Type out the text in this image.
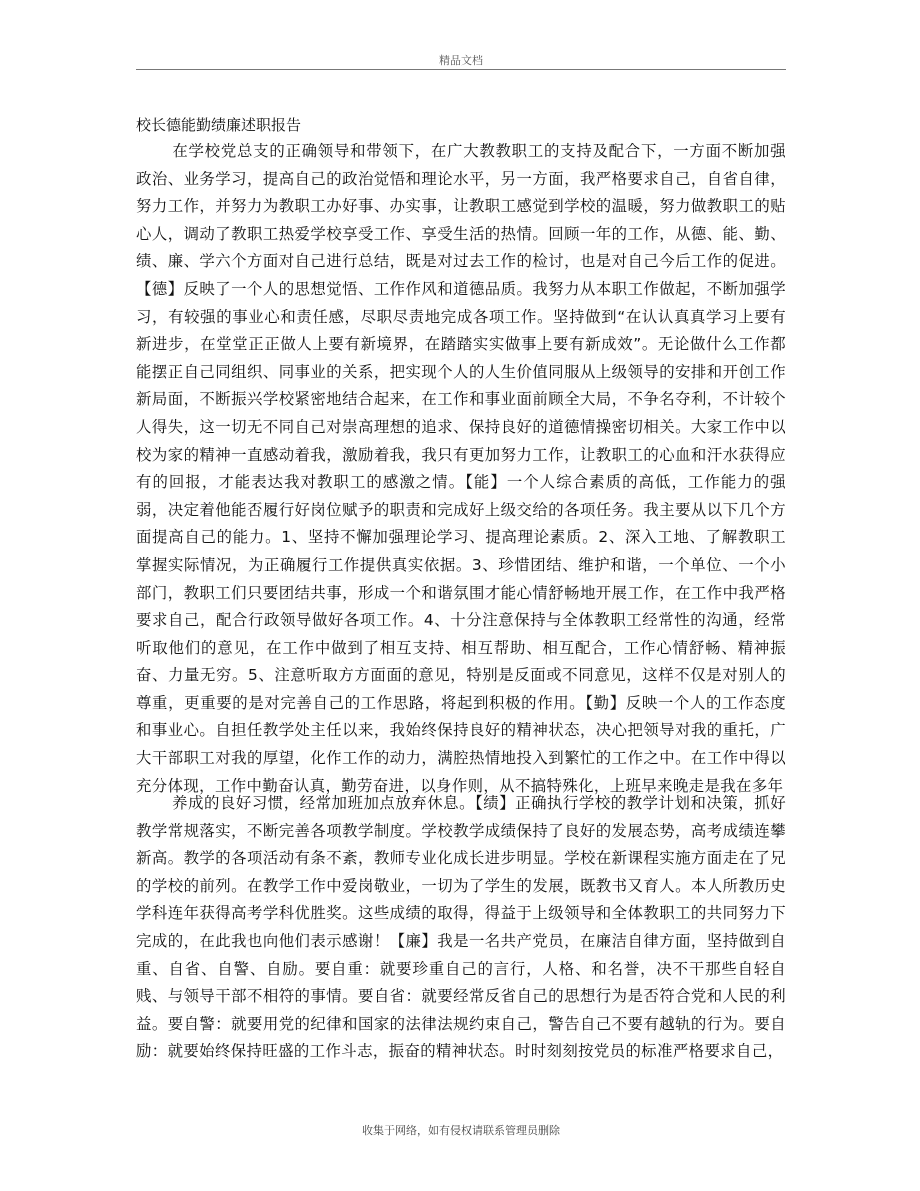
精品文档
校长德能勤绩廉述职报告

在学校党总支的正确领导和带领下，在广大教教职工的支持及配合下，一方面不断加强政治、业务学习，提高自己的政治觉悟和理论水平，另一方面，我严格要求自己，自省自律，努力工作，并努力为教职工办好事、办实事，让教职工感觉到学校的温暖，努力做教职工的贴心人，调动了教职工热爱学校享受工作、享受生活的热情。回顾一年的工作，从德、能、勤、绩、廉、学六个方面对自己进行总结，既是对过去工作的检讨，也是对自己今后工作的促进。【德】反映了一个人的思想觉悟、工作作风和道德品质。我努力从本职工作做起，不断加强学习，有较强的事业心和责任感，尽职尽责地完成各项工作。坚持做到“在认认真真学习上要有新进步，在堂堂正正做人上要有新境界，在踏踏实实做事上要有新成效”。无论做什么工作都能摆正自己同组织、同事业的关系，把实现个人的人生价值同服从上级领导的安排和开创工作新局面，不断振兴学校紧密地结合起来，在工作和事业面前顾全大局，不争名夺利，不计较个人得失，这一切无不同自己对崇高理想的追求、保持良好的道德情操密切相关。大家工作中以校为家的精神一直感动着我，激励着我，我只有更加努力工作，让教职工的心血和汗水获得应有的回报，才能表达我对教职工的感激之情。【能】一个人综合素质的高低，工作能力的强弱，决定着他能否履行好岗位赋予的职责和完成好上级交给的各项任务。我主要从以下几个方面提高自己的能力。1、坚持不懈加强理论学习、提高理论素质。2、深入工地、了解教职工掌握实际情况，为正确履行工作提供真实依据。3、珍惜团结、维护和谐，一个单位、一个小部门，教职工们只要团结共事，形成一个和谐氛围才能心情舒畅地开展工作，在工作中我严格要求自己，配合行政领导做好各项工作。4、十分注意保持与全体教职工经常性的沟通，经常听取他们的意见，在工作中做到了相互支持、相互帮助、相互配合，工作心情舒畅、精神振奋、力量无穷。5、注意听取方方面面的意见，特别是反面或不同意见，这样不仅是对别人的尊重，更重要的是对完善自己的工作思路，将起到积极的作用。【勤】反映一个人的工作态度和事业心。自担任教学处主任以来，我始终保持良好的精神状态，决心把领导对我的重托，广大干部职工对我的厚望，化作工作的动力，满腔热情地投入到繁忙的工作之中。在工作中得以充分体现，工作中勤奋认真，勤劳奋进，以身作则，从不搞特殊化，上班早来晚走是我在多年

养成的良好习惯，经常加班加点放弃休息。【绩】正确执行学校的教学计划和决策，抓好教学常规落实，不断完善各项教学制度。学校教学成绩保持了良好的发展态势，高考成绩连攀新高。教学的各项活动有条不紊，教师专业化成长进步明显。学校在新课程实施方面走在了兄的学校的前列。在教学工作中爱岗敬业，一切为了学生的发展，既教书又育人。本人所教历史学科连年获得高考学科优胜奖。这些成绩的取得，得益于上级领导和全体教职工的共同努力下完成的，在此我也向他们表示感谢！【廉】我是一名共产党员，在廉洁自律方面，坚持做到自重、自省、自警、自励。要自重：就要珍重自己的言行，人格、和名誉，决不干那些自轻自贱、与领导干部不相符的事情。要自省：就要经常反省自己的思想行为是否符合党和人民的利益。要自警：就要用党的纪律和国家的法律法规约束自己，警告自己不要有越轨的行为。要自励：就要始终保持旺盛的工作斗志，振奋的精神状态。时时刻刻按党员的标准严格要求自己，

收集于网络，如有侵权请联系管理员删除
